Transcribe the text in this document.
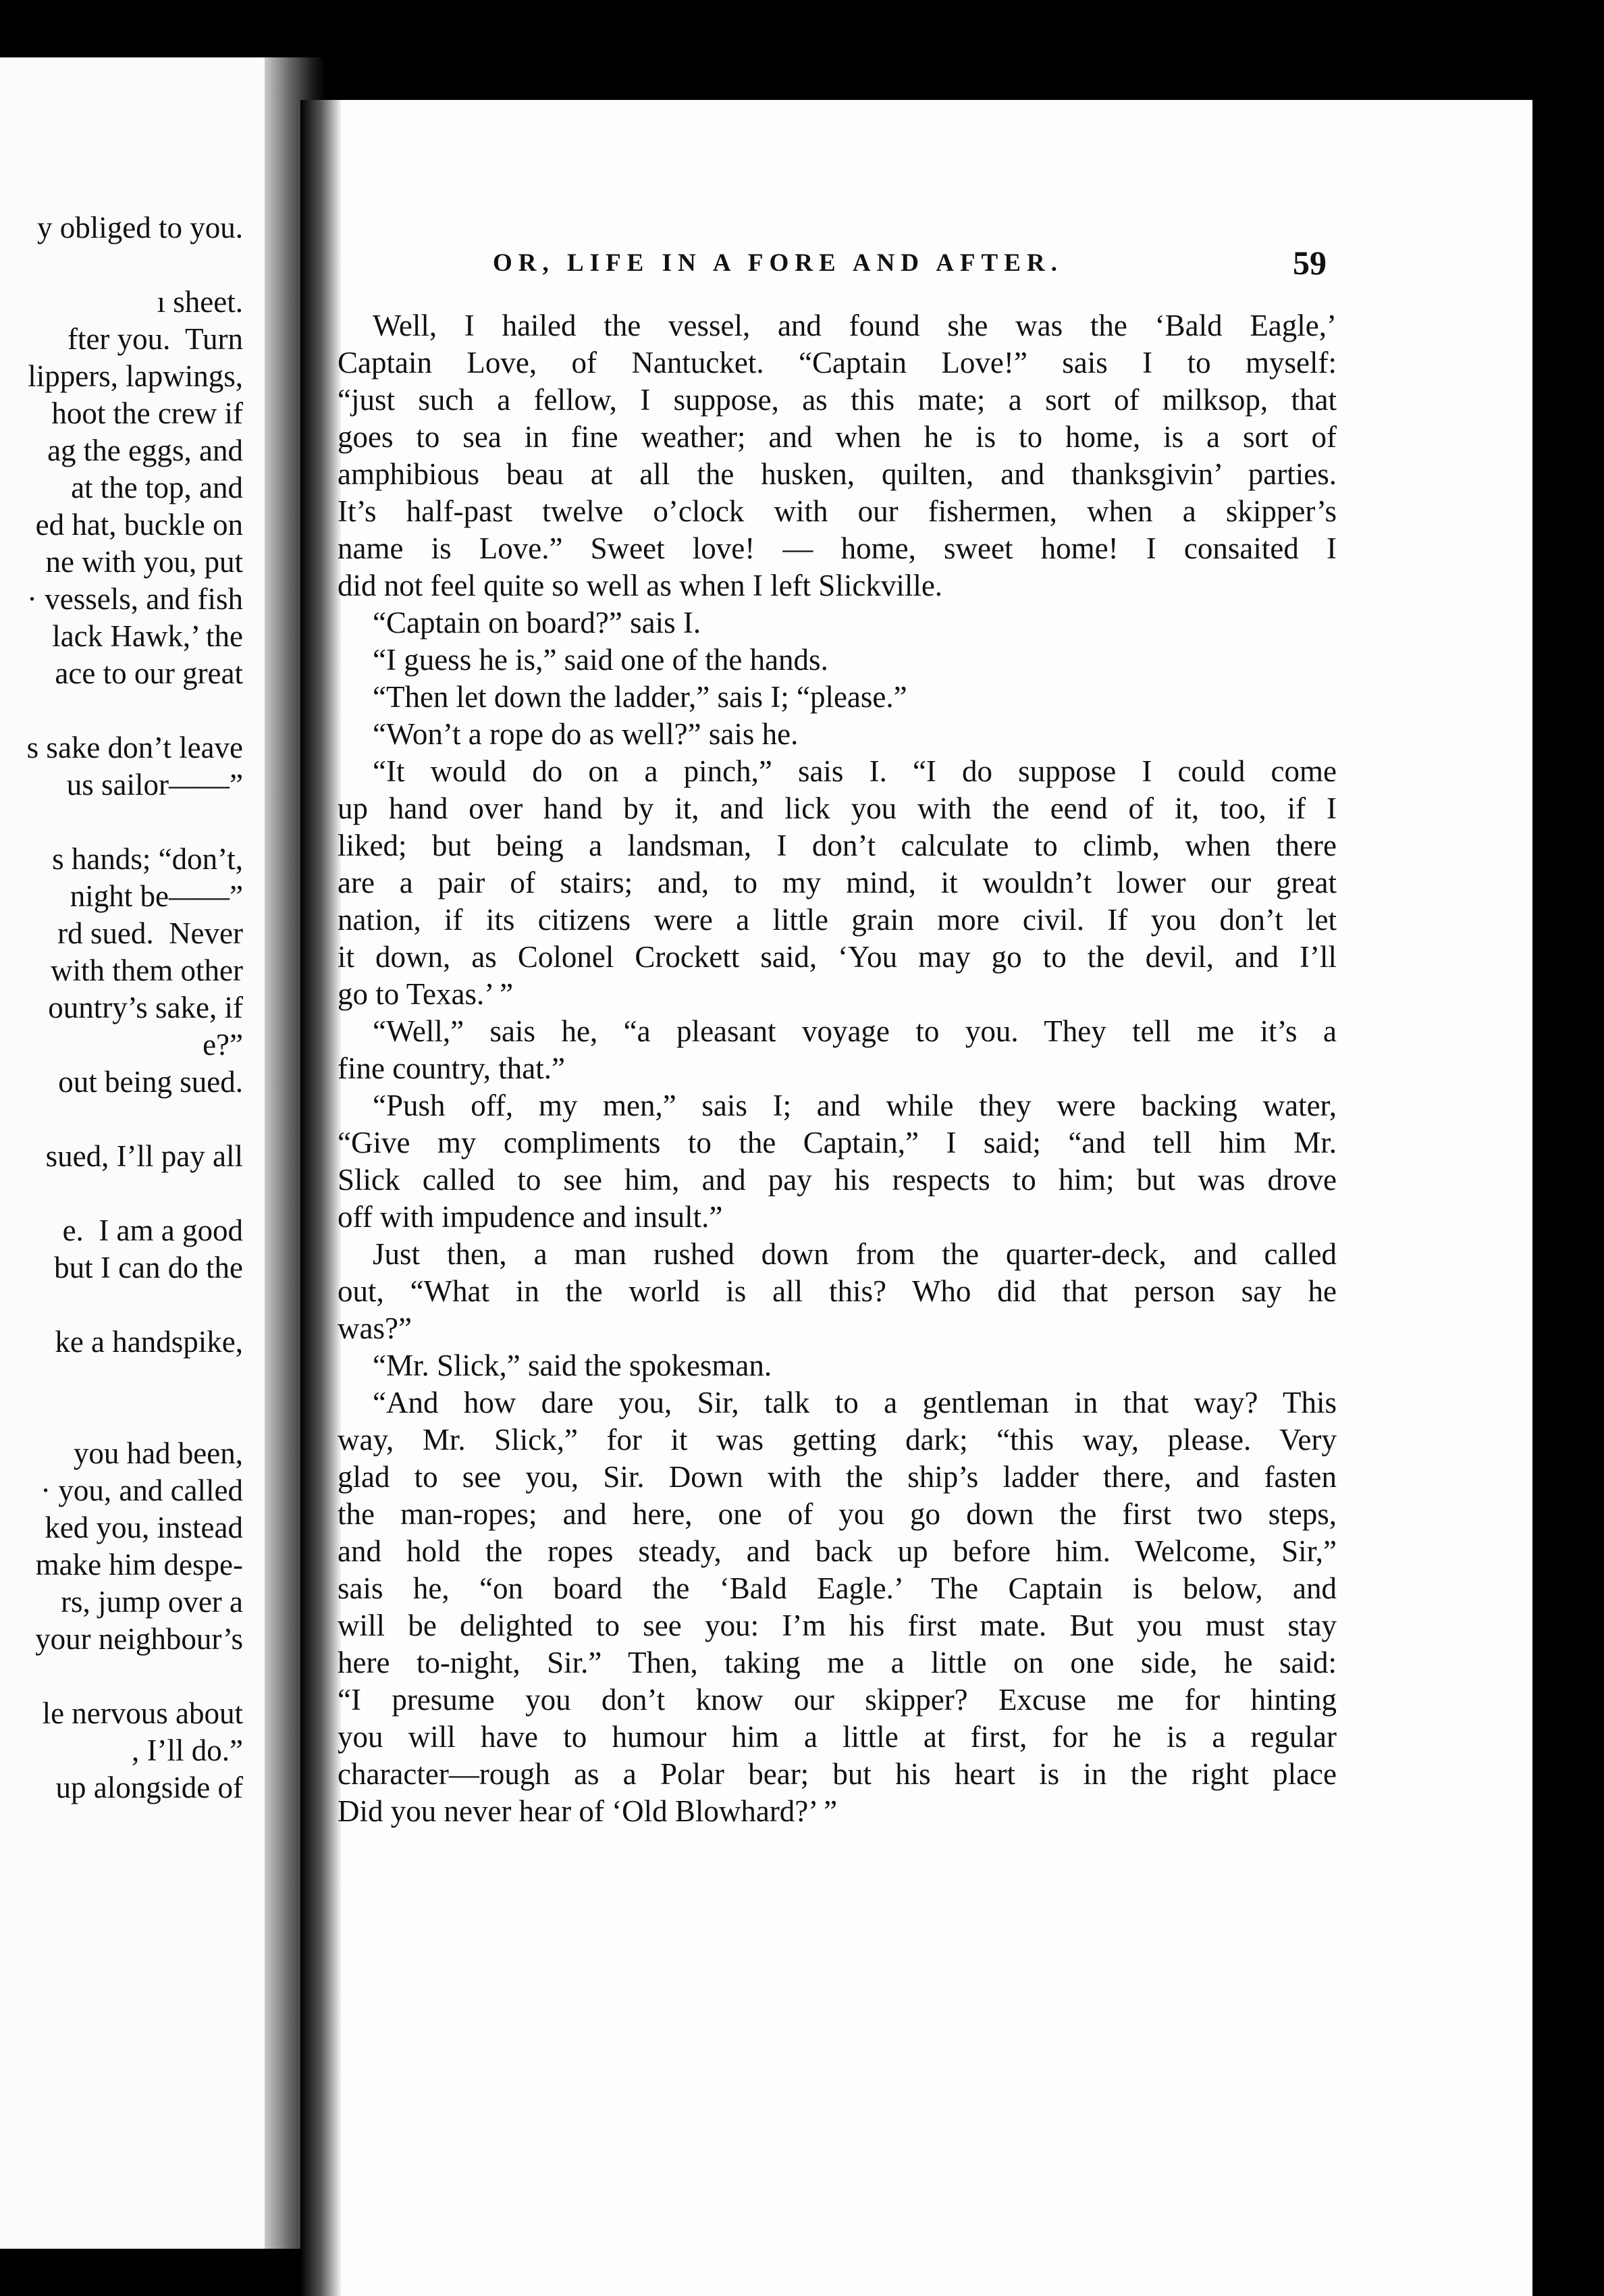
y obliged to you.
ı sheet.
fter you.  Turn
lippers, lapwings,
hoot the crew if
ag the eggs, and
at the top, and
ed hat, buckle on
ne with you, put
· vessels, and fish
lack Hawk,’ the
ace to our great
s sake don’t leave
us sailor——”
s hands; “don’t,
night be——”
rd sued.  Never
with them other
ountry’s sake, if
e?”
out being sued.
sued, I’ll pay all
e.  I am a good
but I can do the
ke a handspike,
you had been,
· you, and called
ked you, instead
make him despe-
rs, jump over a
your neighbour’s
le nervous about
, I’ll do.”
up alongside of
OR, LIFE IN A FORE AND AFTER.	59
Well, I hailed the vessel, and found she was the ‘Bald Eagle,’
Captain Love, of Nantucket. “Captain Love!” sais I to myself:
“just such a fellow, I suppose, as this mate; a sort of milksop, that
goes to sea in fine weather; and when he is to home, is a sort of
amphibious beau at all the husken, quilten, and thanksgivin’ parties.
It’s half-past twelve o’clock with our fishermen, when a skipper’s
name is Love.” Sweet love! — home, sweet home! I consaited I
did not feel quite so well as when I left Slickville.
“Captain on board?” sais I.
“I guess he is,” said one of the hands.
“Then let down the ladder,” sais I; “please.”
“Won’t a rope do as well?” sais he.
“It would do on a pinch,” sais I. “I do suppose I could come
up hand over hand by it, and lick you with the eend of it, too, if I
liked; but being a landsman, I don’t calculate to climb, when there
are a pair of stairs; and, to my mind, it wouldn’t lower our great
nation, if its citizens were a little grain more civil. If you don’t let
it down, as Colonel Crockett said, ‘You may go to the devil, and I’ll
go to Texas.’ ”
“Well,” sais he, “a pleasant voyage to you. They tell me it’s a
fine country, that.”
“Push off, my men,” sais I; and while they were backing water,
“Give my compliments to the Captain,” I said; “and tell him Mr.
Slick called to see him, and pay his respects to him; but was drove
off with impudence and insult.”
Just then, a man rushed down from the quarter-deck, and called
out, “What in the world is all this? Who did that person say he
was?”
“Mr. Slick,” said the spokesman.
“And how dare you, Sir, talk to a gentleman in that way? This
way, Mr. Slick,” for it was getting dark; “this way, please. Very
glad to see you, Sir. Down with the ship’s ladder there, and fasten
the man-ropes; and here, one of you go down the first two steps,
and hold the ropes steady, and back up before him. Welcome, Sir,”
sais he, “on board the ‘Bald Eagle.’ The Captain is below, and
will be delighted to see you: I’m his first mate. But you must stay
here to-night, Sir.” Then, taking me a little on one side, he said:
“I presume you don’t know our skipper? Excuse me for hinting
you will have to humour him a little at first, for he is a regular
character—rough as a Polar bear; but his heart is in the right place
Did you never hear of ‘Old Blowhard?’ ”
